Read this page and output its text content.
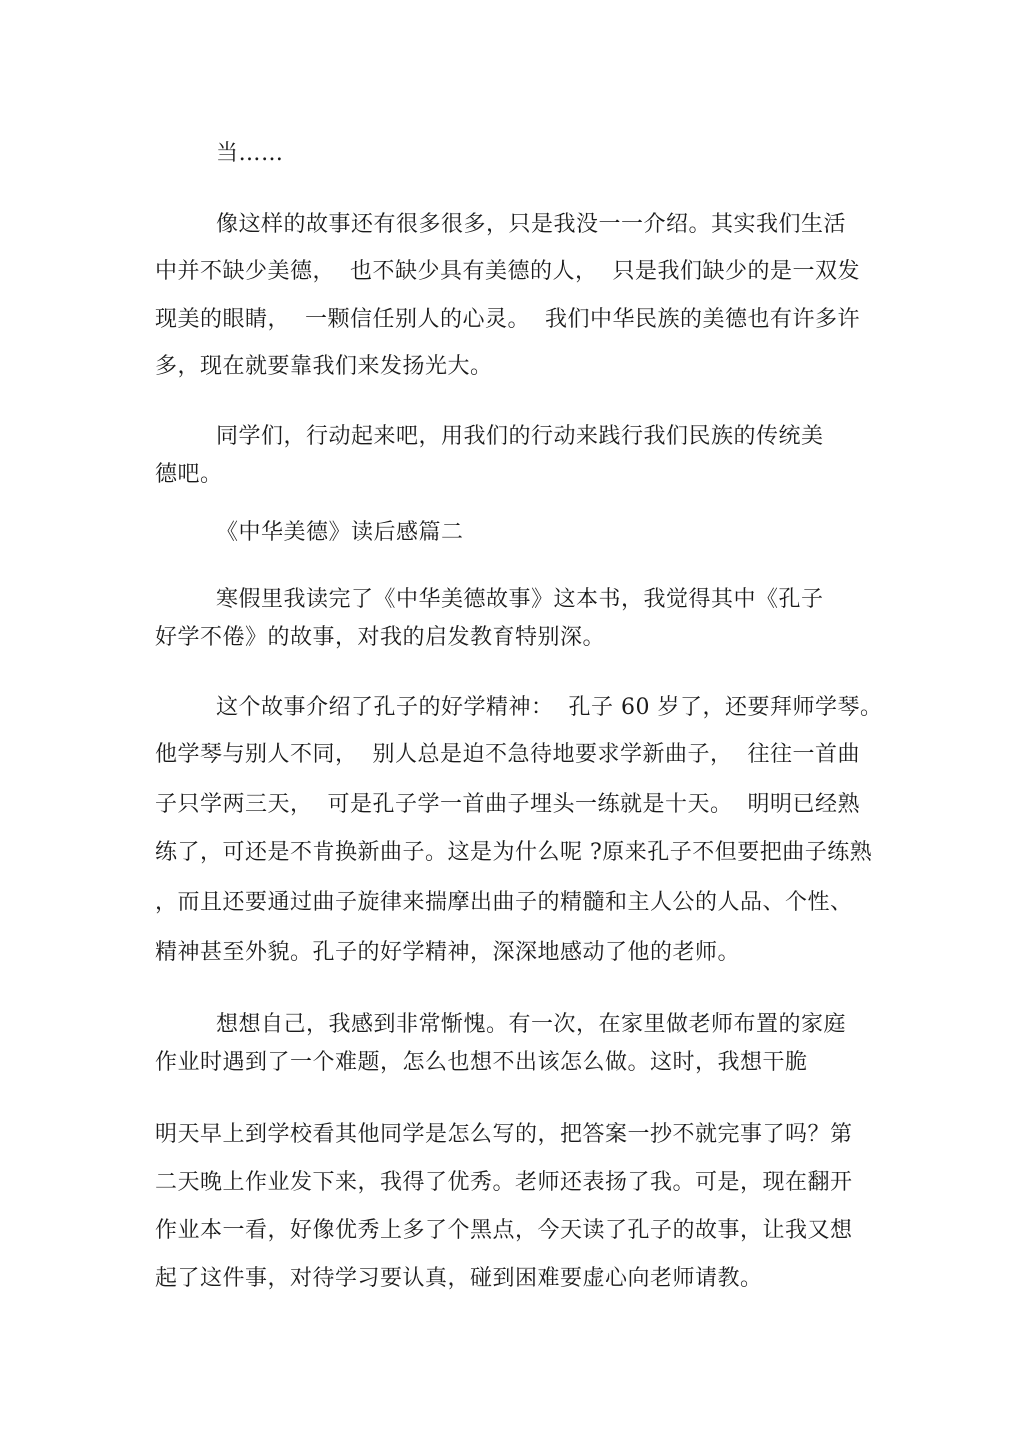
当……
像这样的故事还有很多很多，只是我没一一介绍。其实我们生活
中并不缺少美德，  也不缺少具有美德的人，  只是我们缺少的是一双发
现美的眼睛，  一颗信任别人的心灵。  我们中华民族的美德也有许多许
多，现在就要靠我们来发扬光大。
同学们，行动起来吧，用我们的行动来践行我们民族的传统美
德吧。
《中华美德》读后感篇二
寒假里我读完了《中华美德故事》这本书，我觉得其中《孔子
好学不倦》的故事，对我的启发教育特别深。
这个故事介绍了孔子的好学精神：  孔子 60 岁了，还要拜师学琴。
他学琴与别人不同，  别人总是迫不急待地要求学新曲子，  往往一首曲
子只学两三天，  可是孔子学一首曲子埋头一练就是十天。  明明已经熟
练了，可还是不肯换新曲子。这是为什么呢 ?原来孔子不但要把曲子练熟
，而且还要通过曲子旋律来揣摩出曲子的精髓和主人公的人品、个性、
精神甚至外貌。孔子的好学精神，深深地感动了他的老师。
想想自己，我感到非常惭愧。有一次，在家里做老师布置的家庭
作业时遇到了一个难题，怎么也想不出该怎么做。这时，我想干脆
明天早上到学校看其他同学是怎么写的，把答案一抄不就完事了吗？第
二天晚上作业发下来，我得了优秀。老师还表扬了我。可是，现在翻开
作业本一看，好像优秀上多了个黑点，今天读了孔子的故事，让我又想
起了这件事，对待学习要认真，碰到困难要虚心向老师请教。
